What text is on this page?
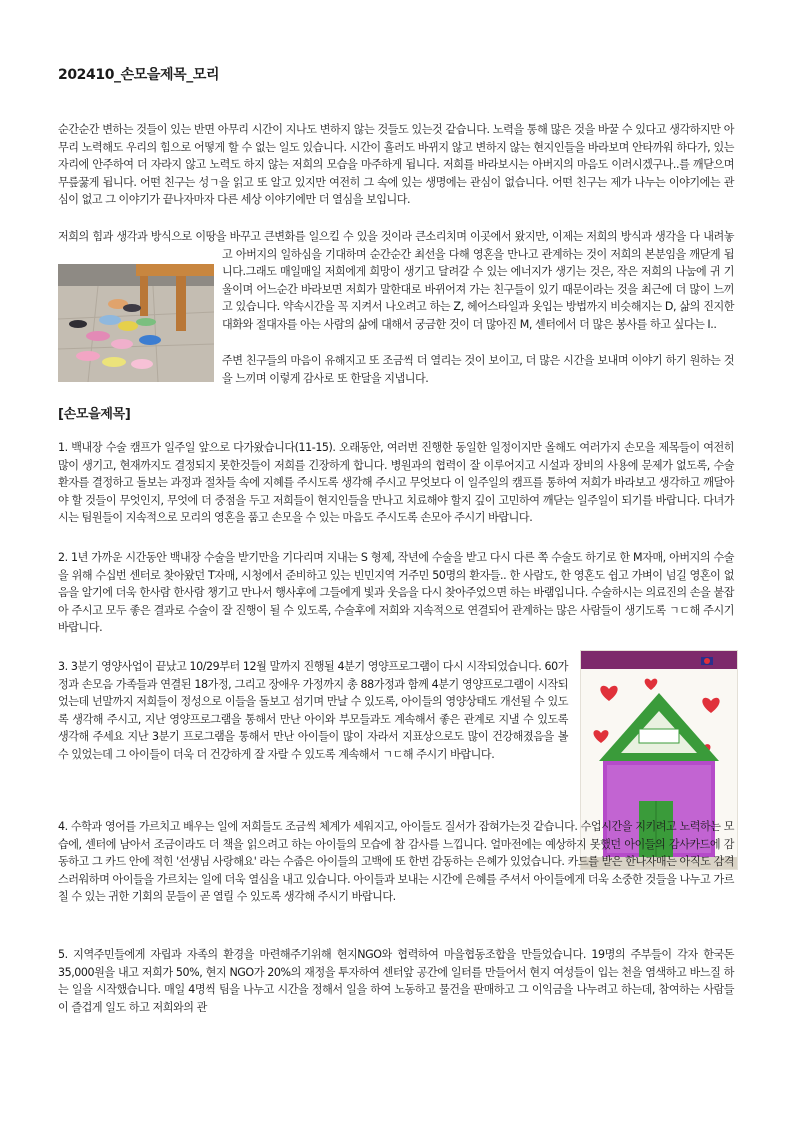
202410_손모을제목_모리

순간순간 변하는 것들이 있는 반면 아무리 시간이 지나도 변하지 않는 것들도 있는것 같습니다. 노력을 통해 많은 것을 바꿀 수 있다고 생각하지만 아무리 노력해도 우리의 힘으로 어떻게 할 수 없는 일도 있습니다. 시간이 흘러도 바뀌지 않고 변하지 않는 현지인들을 바라보며 안타까워 하다가, 있는 자리에 안주하여 더 자라지 않고 노력도 하지 않는 저희의 모습을 마주하게 됩니다. 저희를 바라보시는 아버지의 마음도 이러시겠구나..를 깨닫으며 무릎꿇게 됩니다. 어떤 친구는 성ㄱ을 읽고 또 알고 있지만 여전히 그 속에 있는 생명에는 관심이 없습니다. 어떤 친구는 제가 나누는 이야기에는 관심이 없고 그 이야기가 끝나자마자 다른 세상 이야기에만 더 열심을 보입니다.

저희의 힘과 생각과 방식으로 이땅을 바꾸고 큰변화를 일으킬 수 있을 것이라 큰소리치며 이곳에서 왔지만, 이제는 저희의 방식과 생각을 다 내려놓고 아버지의 일하심을 기대하며 순간순간 최선을 다해 영혼을 만나고 관계하는 것이 저희의 본분임을 깨닫게 됩니다.그래도 매일매일 저희에게 희망이 생기고 달려갈 수 있는 에너지가 생기는 것은, 작은 저희의 나눔에 귀 기울이며 어느순간 바라보면 저희가 말한대로 바뀌어져 가는 친구들이 있기 때문이라는 것을 최근에 더 많이 느끼고 있습니다. 약속시간을 꼭 지켜서 나오려고 하는 Z, 헤어스타일과 옷입는 방법까지 비슷해지는 D, 삶의 진지한 대화와 절대자를 아는 사람의 삶에 대해서 궁금한 것이 더 많아진 M, 센터에서 더 많은 봉사를 하고 싶다는 I..

주변 친구들의 마음이 유해지고 또 조금씩 더 열리는 것이 보이고, 더 많은 시간을 보내며 이야기 하기 원하는 것을 느끼며 이렇게 감사로 또 한달을 지냅니다.

[손모을제목]

1. 백내장 수술 캠프가 일주일 앞으로 다가왔습니다(11-15). 오래동안, 여러번 진행한 동일한 일정이지만 올해도 여러가지 손모을 제목들이 여전히 많이 생기고, 현재까지도 결정되지 못한것들이 저희를 긴장하게 합니다. 병원과의 협력이 잘 이루어지고 시설과 장비의 사용에 문제가 없도록, 수술환자를 결정하고 돌보는 과정과 절차들 속에 지혜를 주시도록 생각해 주시고 무엇보다 이 일주일의 캠프를 통하여 저희가 바라보고 생각하고 깨달아야 할 것들이 무엇인지, 무엇에 더 중점을 두고 저희들이 현지인들을 만나고 치료해야 할지 깊이 고민하여 깨닫는 일주일이 되기를 바랍니다. 다녀가시는 팀원들이 지속적으로 모리의 영혼을 품고 손모을 수 있는 마음도 주시도록 손모아 주시기 바랍니다.

2. 1년 가까운 시간동안 백내장 수술을 받기만을 기다리며 지내는 S 형제, 작년에 수술을 받고 다시 다른 쪽 수술도 하기로 한 M자매, 아버지의 수술을 위해 수십번 센터로 찾아왔던 T자매, 시청에서 준비하고 있는 빈민지역 거주민 50명의 환자들.. 한 사람도, 한 영혼도 쉽고 가벼이 넘길 영혼이 없음을 알기에 더욱 한사람 한사람 챙기고 만나서 행사후에 그들에게 빛과 웃음을 다시 찾아주었으면 하는 바램입니다. 수술하시는 의료진의 손을 붙잡아 주시고 모두 좋은 결과로 수술이 잘 진행이 될 수 있도록, 수술후에 저희와 지속적으로 연결되어 관계하는 많은 사람들이 생기도록 ㄱㄷ해 주시기 바랍니다.

3. 3분기 영양사업이 끝났고 10/29부터 12월 말까지 진행될 4분기 영양프로그램이 다시 시작되었습니다. 60가정과 손모음 가족들과 연결된 18가정, 그리고 장애우 가정까지 총 88가정과 함께 4분기 영양프로그램이 시작되었는데 넌말까지 저희들이 정성으로 이들을 돌보고 섬기며 만날 수 있도록, 아이들의 영양상태도 개선될 수 있도록 생각해 주시고, 지난 영양프로그램을 통해서 만난 아이와 부모들과도 계속해서 좋은 관계로 지낼 수 있도록 생각해 주세요 지난 3분기 프로그램을 통해서 만난 아이들이 많이 자라서 지표상으로도 많이 건강해졌음을 볼 수 있었는데 그 아이들이 더욱 더 건강하게 잘 자랄 수 있도록 계속해서 ㄱㄷ해 주시기 바랍니다.

4. 수학과 영어를 가르치고 배우는 일에 저희들도 조금씩 체계가 세워지고, 아이들도 질서가 잡혀가는것 같습니다. 수업시간을 지키려고 노력하는 모습에, 센터에 남아서 조금이라도 더 책을 읽으려고 하는 아이들의 모습에 참 감사를 느낍니다. 얼마전에는 예상하지 못했던 아이들의 감사카드에 감동하고 그 카드 안에 적힌 '선생님 사랑해요' 라는 수줍은 아이들의 고백에 또 한번 감동하는 은혜가 있었습니다. 카드를 받은 한나자매는 아직도 감격스러워하며 아이들을 가르치는 일에 더욱 열심을 내고 있습니다. 아이들과 보내는 시간에 은혜를 주셔서 아이들에게 더욱 소중한 것들을 나누고 가르칠 수 있는 귀한 기회의 문들이 곧 열릴 수 있도록 생각해 주시기 바랍니다.

5. 지역주민들에게 자립과 자족의 환경을 마련해주기위해 현지NGO와 협력하여 마을협동조합을 만들었습니다. 19명의 주부들이 각자 한국돈 35,000원을 내고 저희가 50%, 현지 NGO가 20%의 재정을 투자하여 센터앞 공간에 일터를 만들어서 현지 여성들이 입는 천을 염색하고 바느질 하는 일을 시작했습니다. 매일 4명씩 팀을 나누고 시간을 정해서 일을 하여 노동하고 물건을 판매하고 그 이익금을 나누려고 하는데, 참여하는 사람들이 즐겁게 일도 하고 저희와의 관
